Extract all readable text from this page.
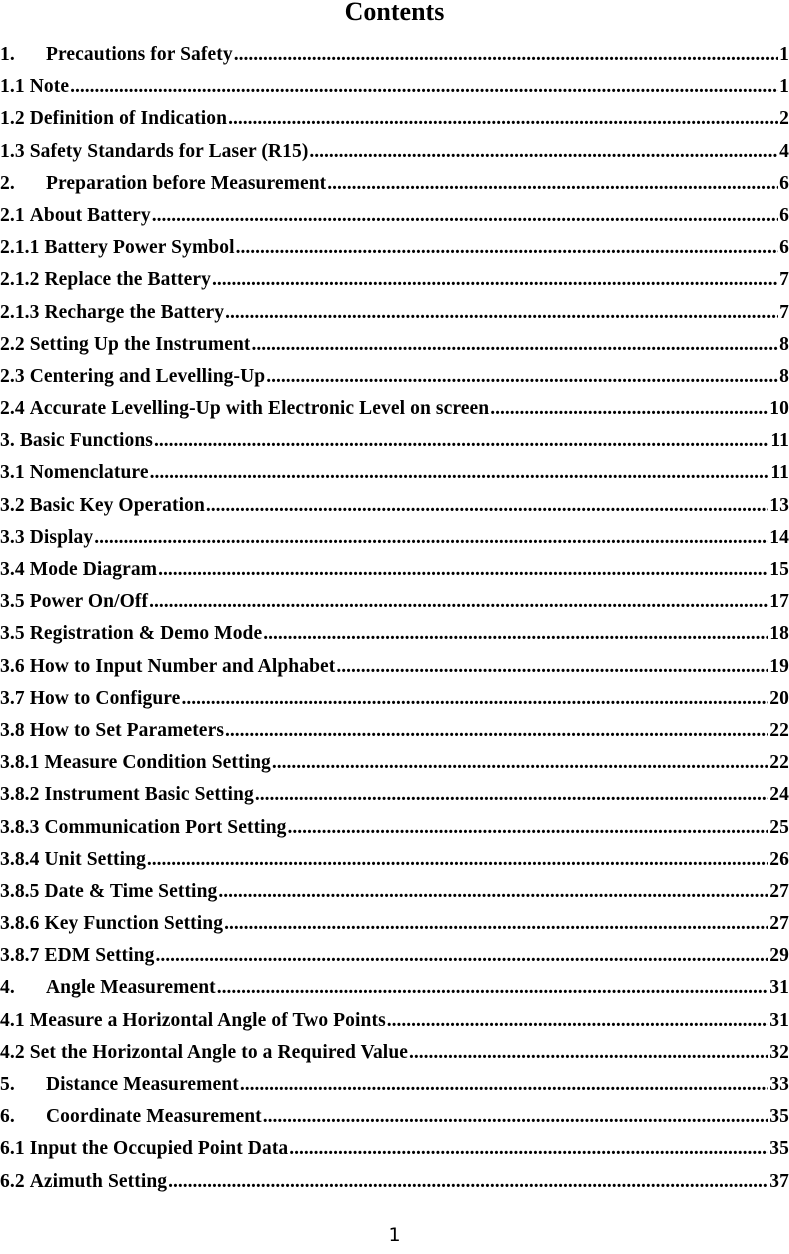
Contents
1.	Precautions for Safety .....	1
1.1 Note .....	1
1.2 Definition of Indication .....	2
1.3 Safety Standards for Laser (R15) .....	4
2.	Preparation before Measurement .....	6
2.1 About Battery .....	6
2.1.1 Battery Power Symbol .....	6
2.1.2 Replace the Battery .....	7
2.1.3 Recharge the Battery .....	7
2.2 Setting Up the Instrument .....	8
2.3 Centering and Levelling-Up .....	8
2.4 Accurate Levelling-Up with Electronic Level on screen .....	10
3. Basic Functions .....	11
3.1 Nomenclature .....	11
3.2 Basic Key Operation .....	13
3.3 Display .....	14
3.4 Mode Diagram .....	15
3.5 Power On/Off .....	17
3.5 Registration & Demo Mode .....	18
3.6 How to Input Number and Alphabet .....	19
3.7 How to Configure .....	20
3.8 How to Set Parameters .....	22
3.8.1 Measure Condition Setting .....	22
3.8.2 Instrument Basic Setting .....	24
3.8.3 Communication Port Setting .....	25
3.8.4 Unit Setting .....	26
3.8.5 Date & Time Setting .....	27
3.8.6 Key Function Setting .....	27
3.8.7 EDM Setting .....	29
4.	Angle Measurement .....	31
4.1 Measure a Horizontal Angle of Two Points .....	31
4.2 Set the Horizontal Angle to a Required Value .....	32
5.	Distance Measurement .....	33
6.	Coordinate Measurement .....	35
6.1 Input the Occupied Point Data .....	35
6.2 Azimuth Setting .....	37
1
